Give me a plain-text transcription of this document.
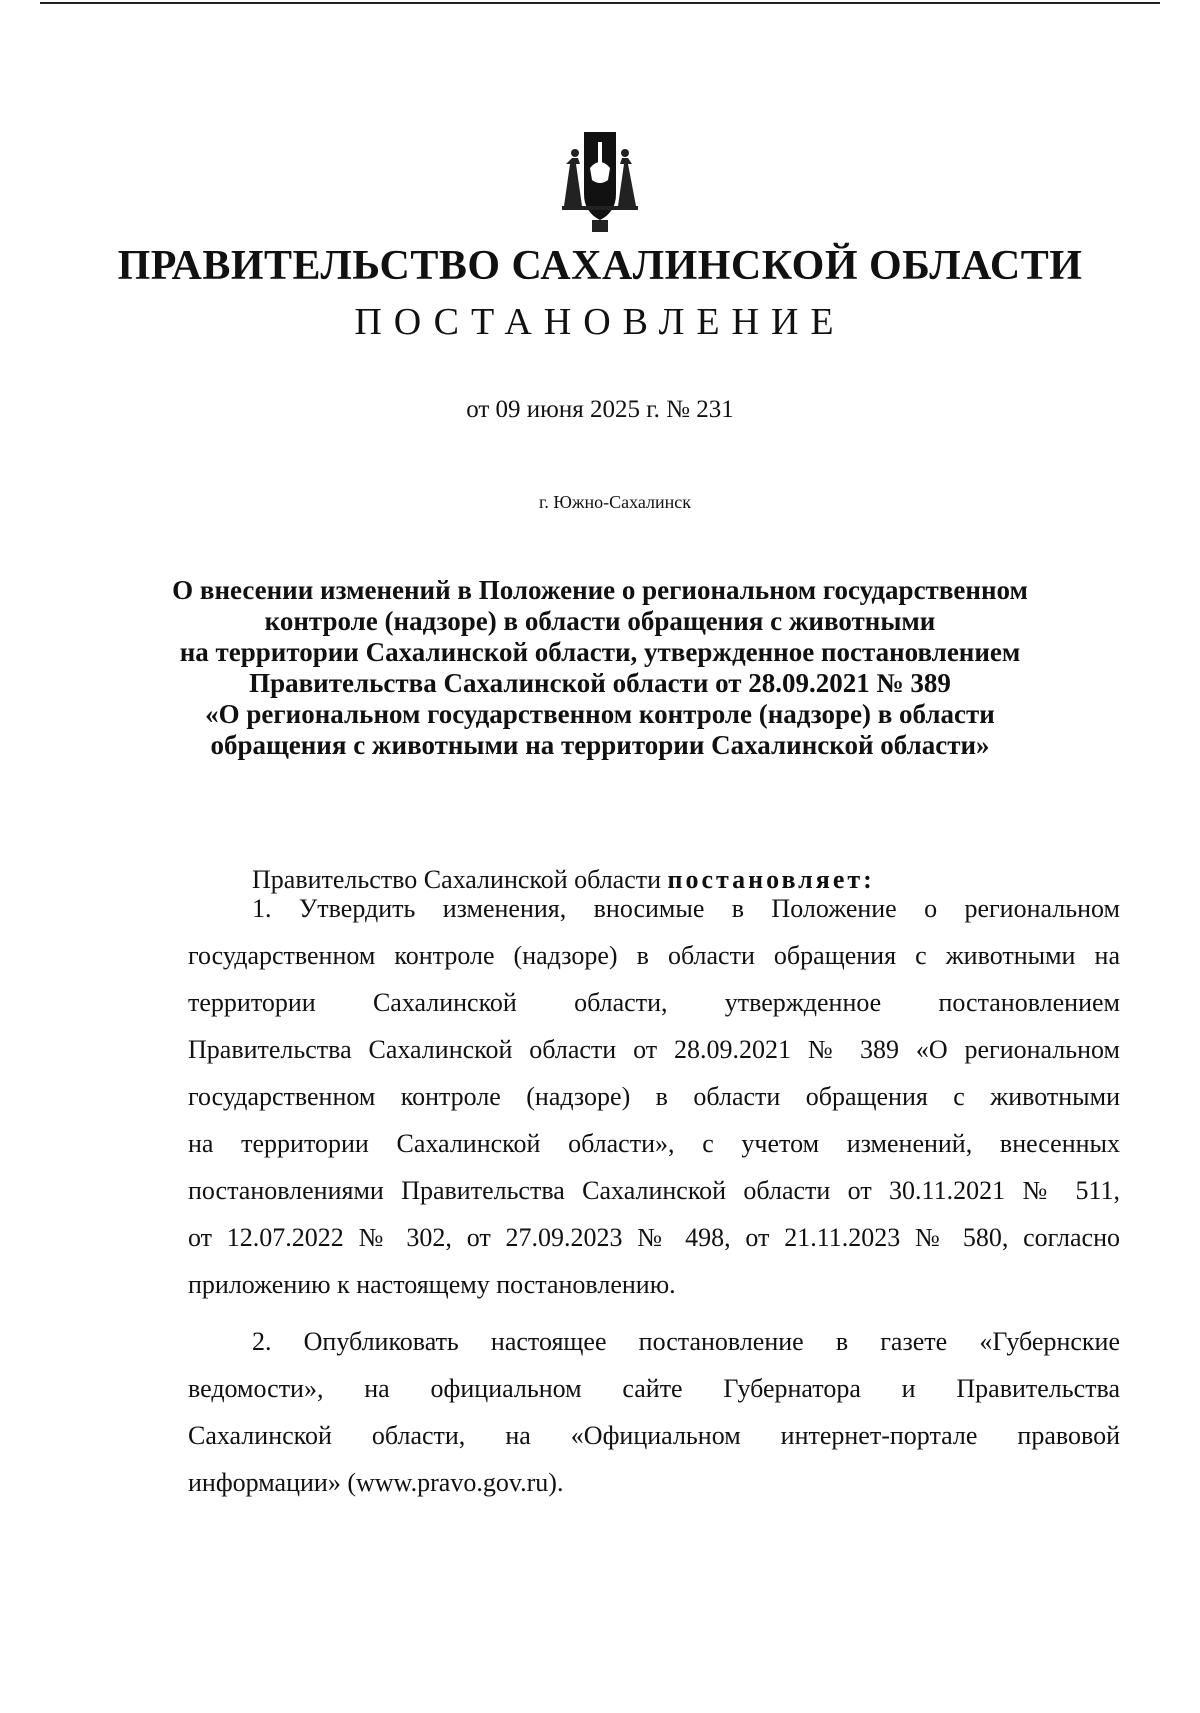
ПРАВИТЕЛЬСТВО САХАЛИНСКОЙ ОБЛАСТИ
ПОСТАНОВЛЕНИЕ
от 09 июня 2025 г. № 231
г. Южно-Сахалинск
О внесении изменений в Положение о региональном государственном
контроле (надзоре) в области обращения с животными
на территории Сахалинской области, утвержденное постановлением
Правительства Сахалинской области от 28.09.2021 № 389
«О региональном государственном контроле (надзоре) в области
обращения с животными на территории Сахалинской области»
Правительство Сахалинской области постановляет:
1. Утвердить изменения, вносимые в Положение о региональном
государственном контроле (надзоре) в области обращения с животными на
территории Сахалинской области, утвержденное постановлением
Правительства Сахалинской области от 28.09.2021 № 389 «О региональном
государственном контроле (надзоре) в области обращения с животными
на территории Сахалинской области», с учетом изменений, внесенных
постановлениями Правительства Сахалинской области от 30.11.2021 № 511,
от 12.07.2022 № 302, от 27.09.2023 № 498, от 21.11.2023 № 580, согласно
приложению к настоящему постановлению.
2. Опубликовать настоящее постановление в газете «Губернские
ведомости», на официальном сайте Губернатора и Правительства
Сахалинской области, на «Официальном интернет-портале правовой
информации» (www.pravo.gov.ru).
